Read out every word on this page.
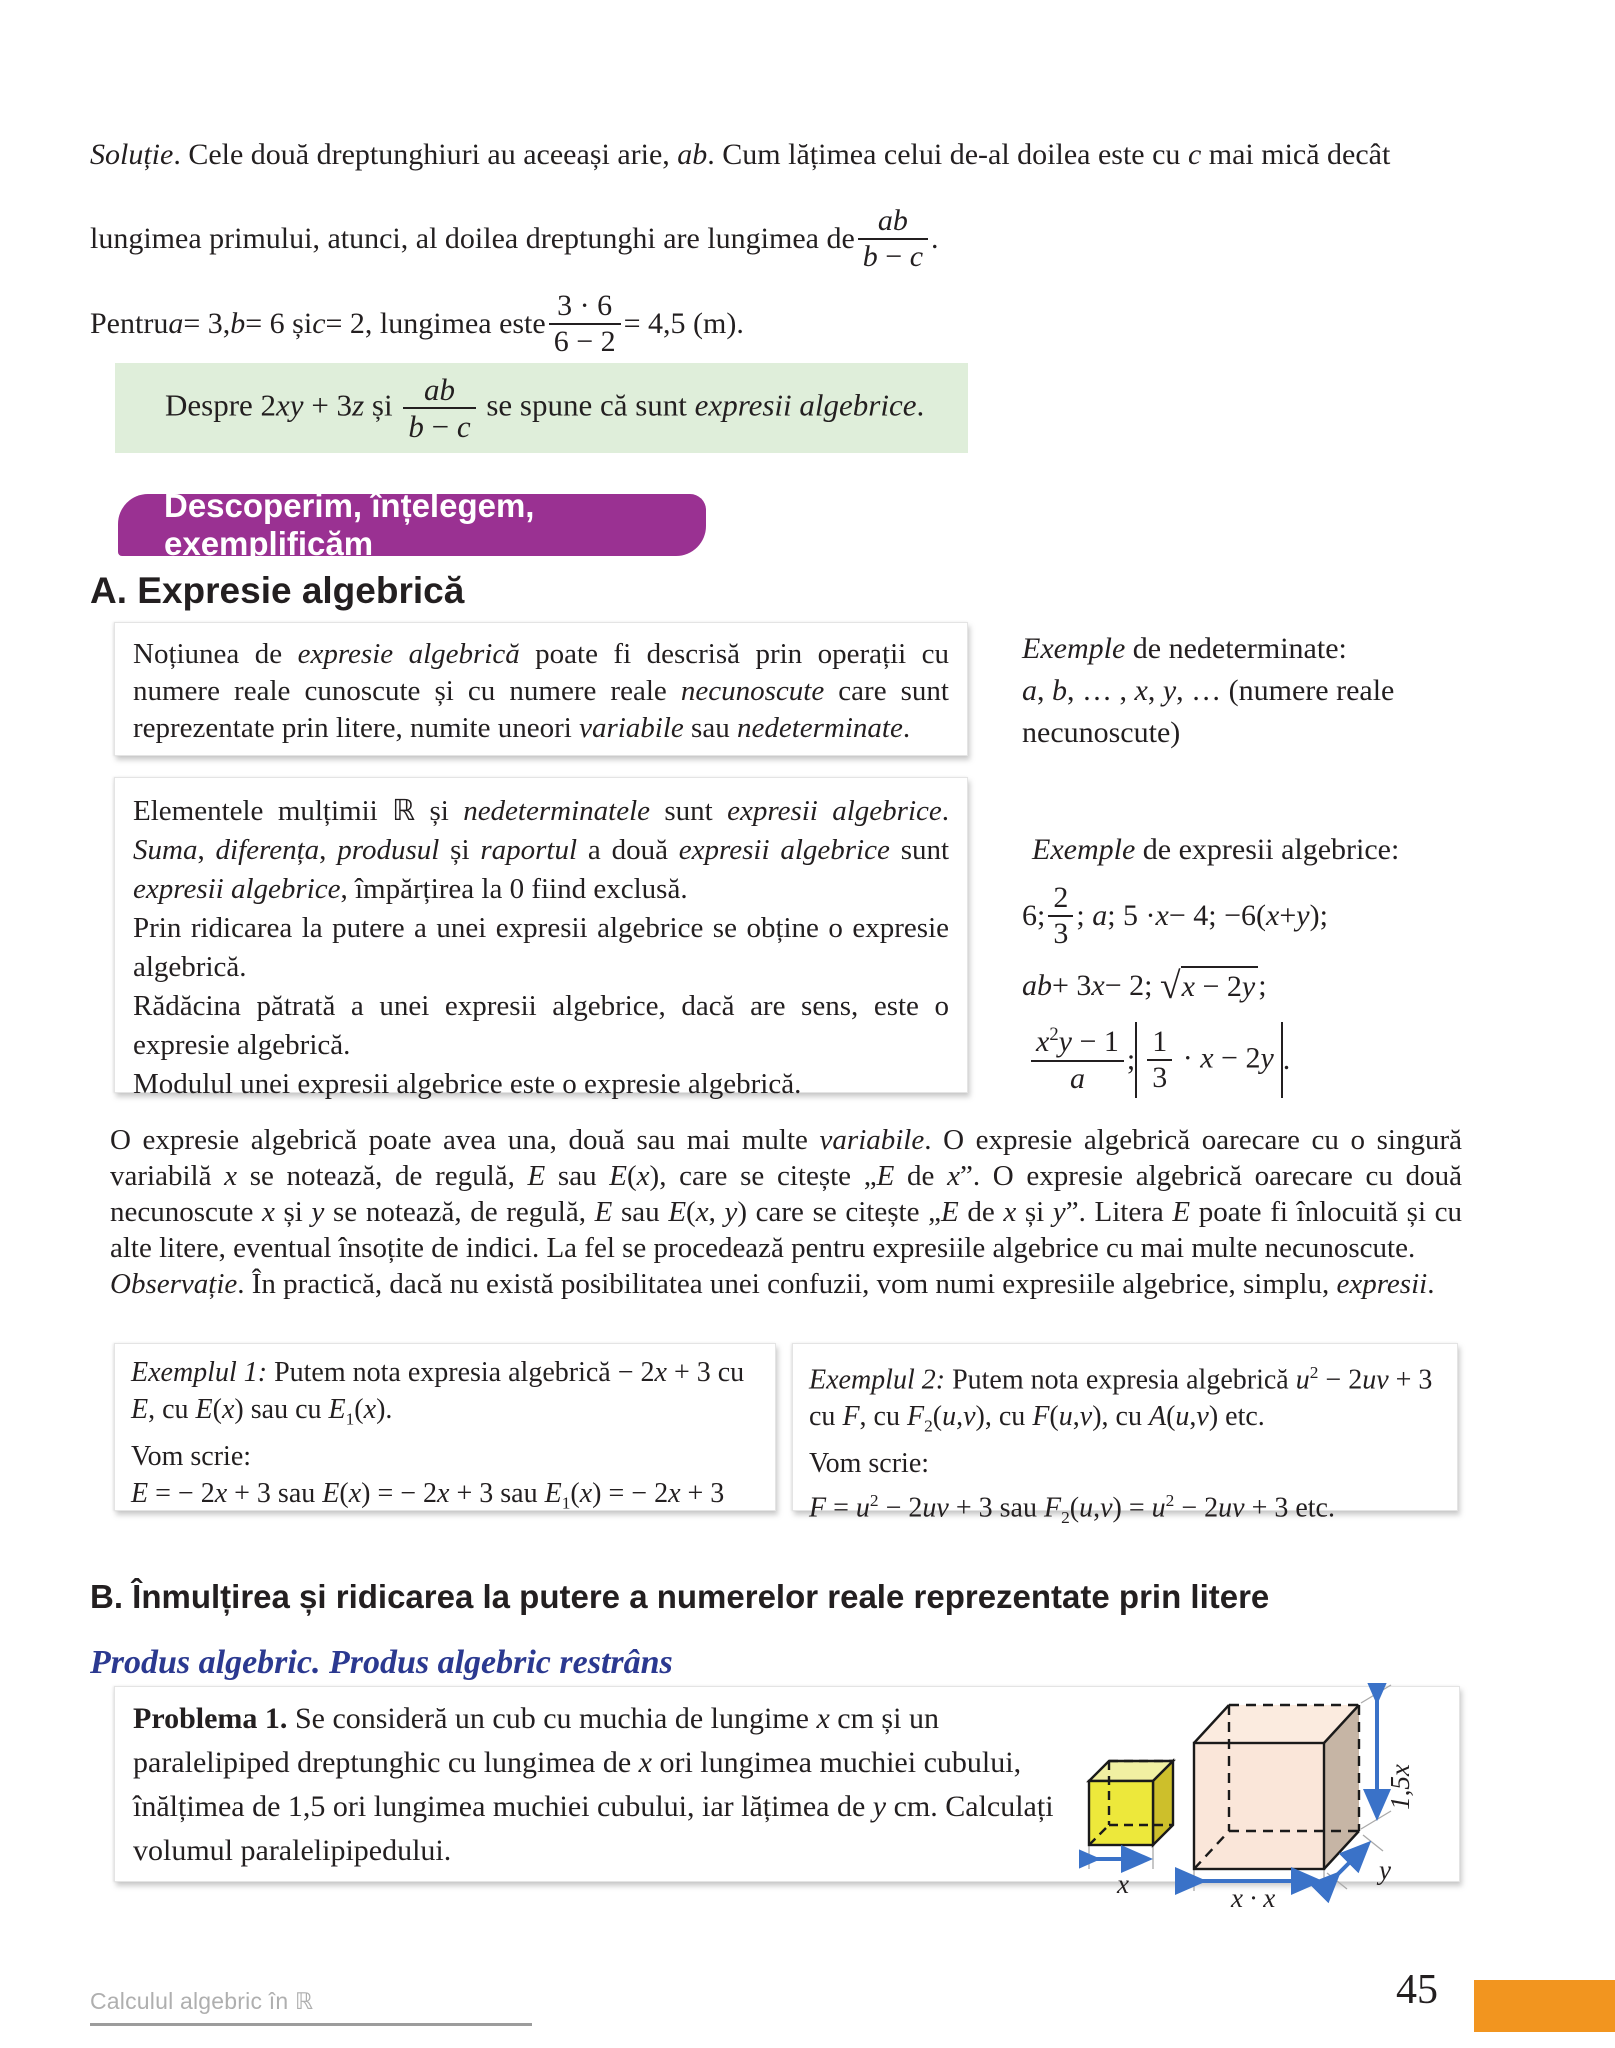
Soluție. Cele două dreptunghiuri au aceeași arie, ab. Cum lățimea celui de-al doilea este cu c mai mică decât
lungimea primului, atunci, al doilea dreptunghi are lungimea de
ab
b − c
.
Pentru a = 3, b = 6 și c = 2, lungimea este
3 · 6
6 − 2
= 4,5 (m).
Despre 2xy + 3z și $\frac{ab}{b - c}$ se spune că sunt expresii algebrice.
Descoperim, înțelegem, exemplificăm
A. Expresie algebrică
Noțiunea de expresie algebrică poate fi descrisă prin operații cu numere reale cunoscute și cu numere reale necunoscute care sunt reprezentate prin litere, numite uneori variabile sau nedeterminate.
Exemple de nedeterminate:
a, b, … , x, y, … (numere reale
necunoscute)
Elementele mulțimii ℝ și nedeterminatele sunt expresii algebrice. Suma, diferența, produsul și raportul a două expresii algebrice sunt expresii algebrice, împărțirea la 0 fiind exclusă.
Prin ridicarea la putere a unei expresii algebrice se obține o expresie algebrică.
Rădăcina pătrată a unei expresii algebrice, dacă are sens, este o expresie algebrică.
Modulul unei expresii algebrice este o expresie algebrică.
Exemple de expresii algebrice:
6;
2
3
; a ; 5 · x − 4; −6( x + y );
ab + 3 x − 2; √x − 2y ;
$x^2y - 1$
a
; $\frac{1}{3} \cdot x - 2y$ .
O expresie algebrică poate avea una, două sau mai multe variabile. O expresie algebrică oarecare cu o singură variabilă x se notează, de regulă, E sau E(x), care se citește „E de x”. O expresie algebrică oarecare cu două necunoscute x și y se notează, de regulă, E sau E(x, y) care se citește „E de x și y”. Litera E poate fi înlocuită și cu alte litere, eventual însoțite de indici. La fel se procedează pentru expresiile algebrice cu mai multe necunoscute.
Observație. În practică, dacă nu există posibilitatea unei confuzii, vom numi expresiile algebrice, simplu, expresii.
Exemplul 1: Putem nota expresia algebrică − 2x + 3 cu E, cu E(x) sau cu $E_1(x)$.
Vom scrie:
E = − 2x + 3 sau E(x) = − 2x + 3 sau $E_1(x)$ = − 2x + 3
Exemplul 2: Putem nota expresia algebrică $u^2 - 2uv + 3$ cu F, cu $F_2(u,v)$, cu F(u,v), cu A(u,v) etc.
Vom scrie:
$F = u^2 - 2uv + 3$ sau $F_2(u,v) = u^2 - 2uv + 3$ etc.
B. Înmulțirea și ridicarea la putere a numerelor reale reprezentate prin litere
Produs algebric. Produs algebric restrâns
Problema 1. Se consideră un cub cu muchia de lungime x cm și un paralelipiped dreptunghic cu lungimea de x ori lungimea muchiei cubului, înălțimea de 1,5 ori lungimea muchiei cubului, iar lățimea de y cm. Calculați volumul paralelipipedului.
x	x · x
y
1,5x
Calculul algebric în ℝ	45
